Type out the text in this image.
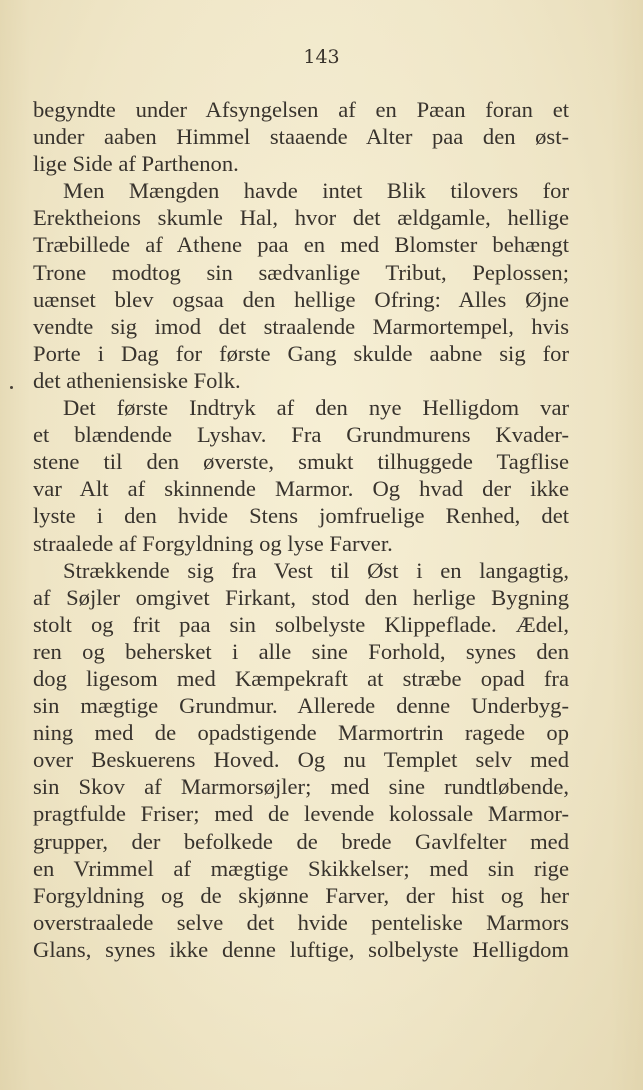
143

begyndte under Afsyngelsen af en Pæan foran et
under aaben Himmel staaende Alter paa den øst-
lige Side af Parthenon.
Men Mængden havde intet Blik tilovers for
Erektheions skumle Hal, hvor det ældgamle, hellige
Træbillede af Athene paa en med Blomster behængt
Trone modtog sin sædvanlige Tribut, Peplossen;
uænset blev ogsaa den hellige Ofring: Alles Øjne
vendte sig imod det straalende Marmortempel, hvis
Porte i Dag for første Gang skulde aabne sig for
det atheniensiske Folk.
Det første Indtryk af den nye Helligdom var
et blændende Lyshav. Fra Grundmurens Kvader-
stene til den øverste, smukt tilhuggede Tagflise
var Alt af skinnende Marmor. Og hvad der ikke
lyste i den hvide Stens jomfruelige Renhed, det
straalede af Forgyldning og lyse Farver.
Strækkende sig fra Vest til Øst i en langagtig,
af Søjler omgivet Firkant, stod den herlige Bygning
stolt og frit paa sin solbelyste Klippeflade. Ædel,
ren og behersket i alle sine Forhold, synes den
dog ligesom med Kæmpekraft at stræbe opad fra
sin mægtige Grundmur. Allerede denne Underbyg-
ning med de opadstigende Marmortrin ragede op
over Beskuerens Hoved. Og nu Templet selv med
sin Skov af Marmorsøjler; med sine rundtløbende,
pragtfulde Friser; med de levende kolossale Marmor-
grupper, der befolkede de brede Gavlfelter med
en Vrimmel af mægtige Skikkelser; med sin rige
Forgyldning og de skjønne Farver, der hist og her
overstraalede selve det hvide penteliske Marmors
Glans, synes ikke denne luftige, solbelyste Helligdom
